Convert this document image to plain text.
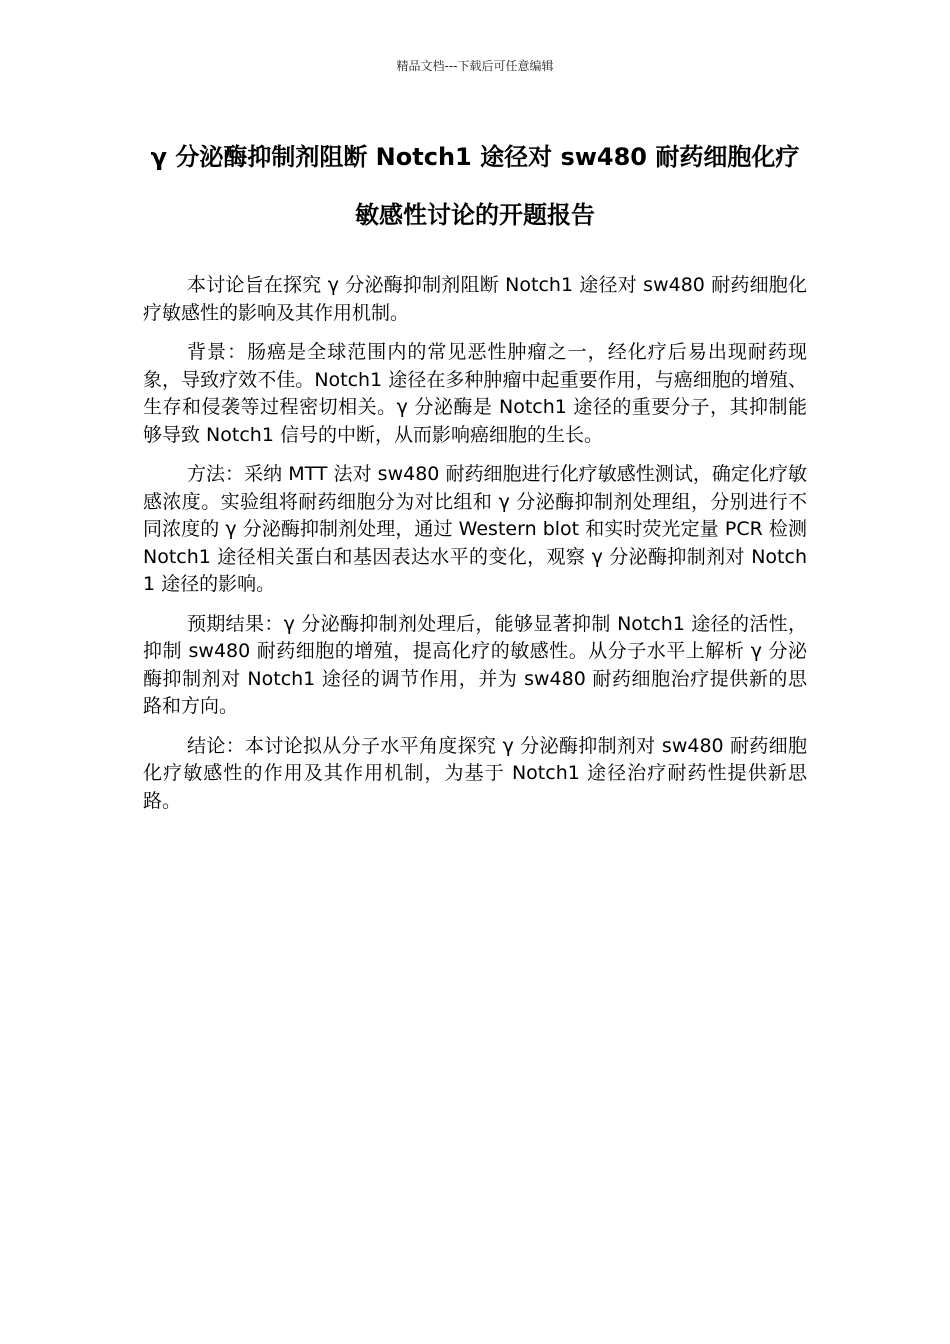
精品文档---下载后可任意编辑
γ 分泌酶抑制剂阻断 Notch1 途径对 sw480 耐药细胞化疗敏感性讨论的开题报告

本讨论旨在探究 γ 分泌酶抑制剂阻断 Notch1 途径对 sw480 耐药细胞化疗敏感性的影响及其作用机制。

背景：肠癌是全球范围内的常见恶性肿瘤之一，经化疗后易出现耐药现象，导致疗效不佳。Notch1 途径在多种肿瘤中起重要作用，与癌细胞的增殖、生存和侵袭等过程密切相关。γ 分泌酶是 Notch1 途径的重要分子，其抑制能够导致 Notch1 信号的中断，从而影响癌细胞的生长。

方法：采纳 MTT 法对 sw480 耐药细胞进行化疗敏感性测试，确定化疗敏感浓度。实验组将耐药细胞分为对比组和 γ 分泌酶抑制剂处理组，分别进行不同浓度的 γ 分泌酶抑制剂处理，通过 Western blot 和实时荧光定量 PCR 检测 Notch1 途径相关蛋白和基因表达水平的变化，观察 γ 分泌酶抑制剂对 Notch1 途径的影响。

预期结果：γ 分泌酶抑制剂处理后，能够显著抑制 Notch1 途径的活性，抑制 sw480 耐药细胞的增殖，提高化疗的敏感性。从分子水平上解析 γ 分泌酶抑制剂对 Notch1 途径的调节作用，并为 sw480 耐药细胞治疗提供新的思路和方向。

结论：本讨论拟从分子水平角度探究 γ 分泌酶抑制剂对 sw480 耐药细胞化疗敏感性的作用及其作用机制，为基于 Notch1 途径治疗耐药性提供新思路。
